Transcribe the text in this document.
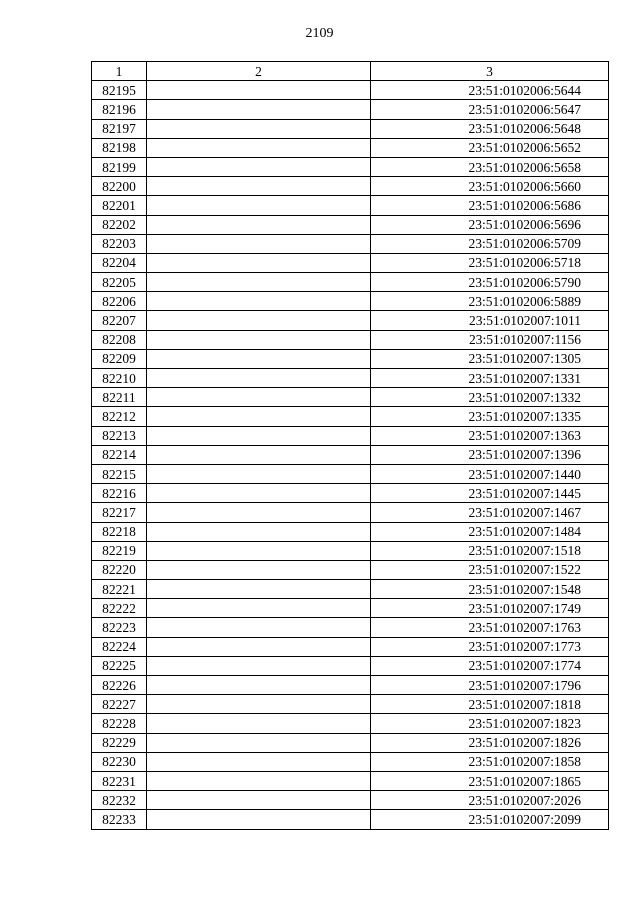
2109
1	2	3
82195		23:51:0102006:5644
82196		23:51:0102006:5647
82197		23:51:0102006:5648
82198		23:51:0102006:5652
82199		23:51:0102006:5658
82200		23:51:0102006:5660
82201		23:51:0102006:5686
82202		23:51:0102006:5696
82203		23:51:0102006:5709
82204		23:51:0102006:5718
82205		23:51:0102006:5790
82206		23:51:0102006:5889
82207		23:51:0102007:1011
82208		23:51:0102007:1156
82209		23:51:0102007:1305
82210		23:51:0102007:1331
82211		23:51:0102007:1332
82212		23:51:0102007:1335
82213		23:51:0102007:1363
82214		23:51:0102007:1396
82215		23:51:0102007:1440
82216		23:51:0102007:1445
82217		23:51:0102007:1467
82218		23:51:0102007:1484
82219		23:51:0102007:1518
82220		23:51:0102007:1522
82221		23:51:0102007:1548
82222		23:51:0102007:1749
82223		23:51:0102007:1763
82224		23:51:0102007:1773
82225		23:51:0102007:1774
82226		23:51:0102007:1796
82227		23:51:0102007:1818
82228		23:51:0102007:1823
82229		23:51:0102007:1826
82230		23:51:0102007:1858
82231		23:51:0102007:1865
82232		23:51:0102007:2026
82233		23:51:0102007:2099
